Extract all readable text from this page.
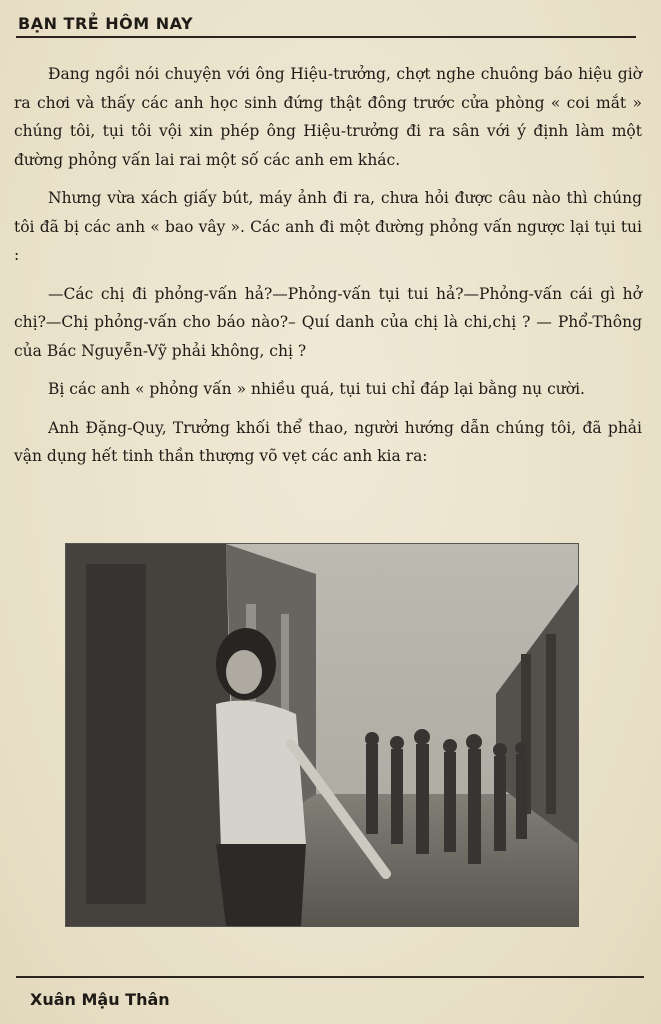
BẠN TRẺ HÔM NAY

Đang ngồi nói chuyện với ông Hiệu-trưởng, chợt nghe chuông báo hiệu giờ ra chơi và thấy các anh học sinh đứng thật đông trước cửa phòng « coi mắt » chúng tôi, tụi tôi vội xin phép ông Hiệu-trưởng đi ra sân với ý định làm một đường phỏng vấn lai rai một số các anh em khác.

Nhưng vừa xách giấy bút, máy ảnh đi ra, chưa hỏi được câu nào thì chúng tôi đã bị các anh « bao vây ». Các anh đi một đường phỏng vấn ngược lại tụi tui :

—Các chị đi phỏng-vấn hả?—Phỏng-vấn tụi tui hả?—Phỏng-vấn cái gì hở chị?—Chị phỏng-vấn cho báo nào?– Quí danh của chị là chi,chị ? — Phổ-Thông của Bác Nguyễn-Vỹ phải không, chị ?

Bị các anh « phỏng vấn » nhiều quá, tụi tui chỉ đáp lại bằng nụ cười.

Anh Đặng-Quy, Trưởng khối thể thao, người hướng dẫn chúng tôi, đã phải vận dụng hết tinh thần thượng võ vẹt các anh kia ra:

Xuân Mậu Thân
